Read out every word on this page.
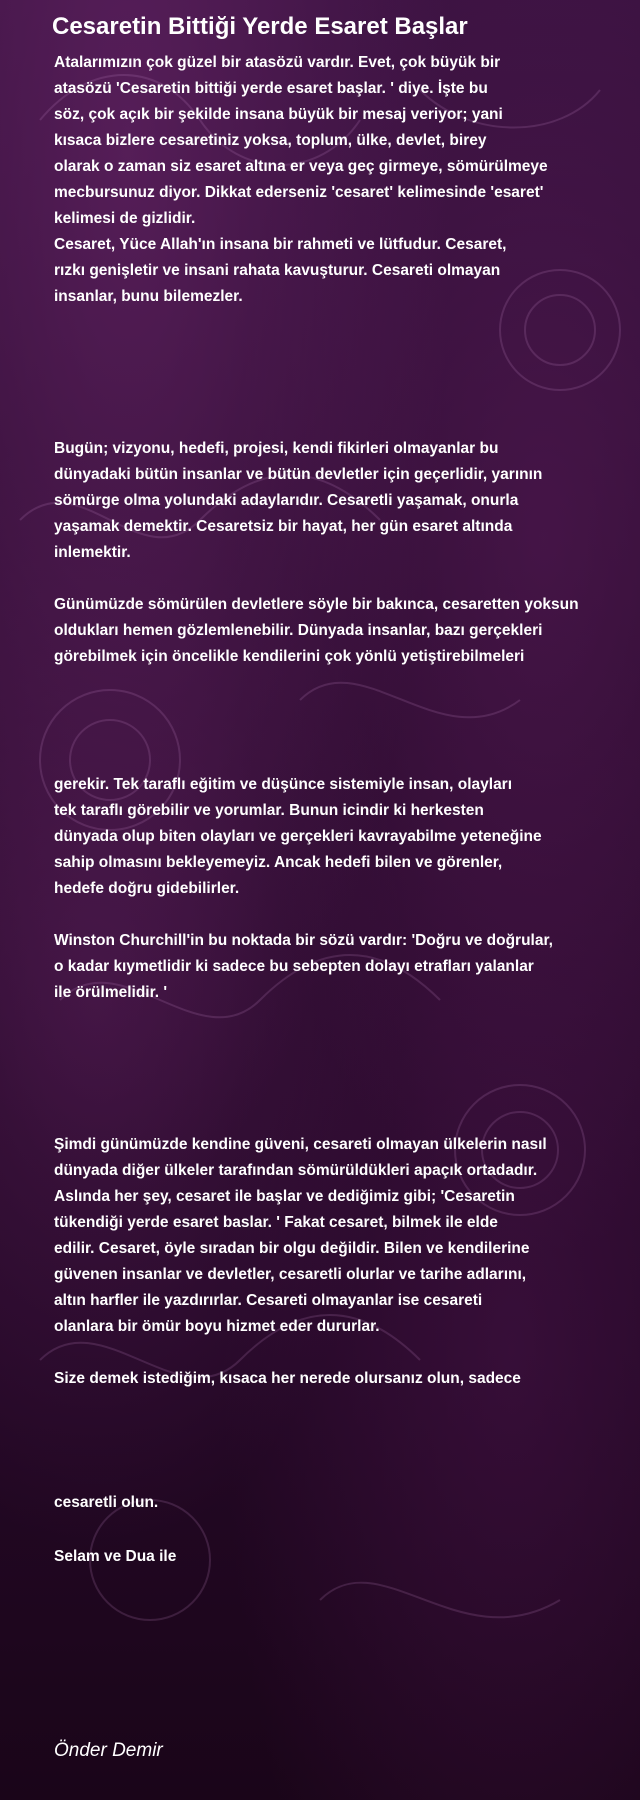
Cesaretin Bittiği Yerde Esaret Başlar

Atalarımızın çok güzel bir atasözü vardır. Evet, çok büyük bir
atasözü 'Cesaretin bittiği yerde esaret başlar. ' diye. İşte bu
söz, çok açık bir şekilde insana büyük bir mesaj veriyor; yani
kısaca bizlere cesaretiniz yoksa, toplum, ülke, devlet, birey
olarak o zaman siz esaret altına er veya geç girmeye, sömürülmeye
mecbursunuz diyor. Dikkat ederseniz 'cesaret' kelimesinde 'esaret'
kelimesi de gizlidir.
Cesaret, Yüce Allah'ın insana bir rahmeti ve lütfudur. Cesaret,
rızkı genişletir ve insani rahata kavuşturur. Cesareti olmayan
insanlar, bunu bilemezler.

Bugün; vizyonu, hedefi, projesi, kendi fikirleri olmayanlar bu
dünyadaki bütün insanlar ve bütün devletler için geçerlidir, yarının
sömürge olma yolundaki adaylarıdır. Cesaretli yaşamak, onurla
yaşamak demektir. Cesaretsiz bir hayat, her gün esaret altında
inlemektir.

Günümüzde sömürülen devletlere söyle bir bakınca, cesaretten yoksun
oldukları hemen gözlemlenebilir. Dünyada insanlar, bazı gerçekleri
görebilmek için öncelikle kendilerini çok yönlü yetiştirebilmeleri

gerekir. Tek taraflı eğitim ve düşünce sistemiyle insan, olayları
tek taraflı görebilir ve yorumlar. Bunun icindir ki herkesten
dünyada olup biten olayları ve gerçekleri kavrayabilme yeteneğine
sahip olmasını bekleyemeyiz. Ancak hedefi bilen ve görenler,
hedefe doğru gidebilirler.

Winston Churchill'in bu noktada bir sözü vardır: 'Doğru ve doğrular,
o kadar kıymetlidir ki sadece bu sebepten dolayı etrafları yalanlar
ile örülmelidir. '

Şimdi günümüzde kendine güveni, cesareti olmayan ülkelerin nasıl
dünyada diğer ülkeler tarafından sömürüldükleri apaçık ortadadır.
Aslında her şey, cesaret ile başlar ve dediğimiz gibi; 'Cesaretin
tükendiği yerde esaret baslar. ' Fakat cesaret, bilmek ile elde
edilir. Cesaret, öyle sıradan bir olgu değildir. Bilen ve kendilerine
güvenen insanlar ve devletler, cesaretli olurlar ve tarihe adlarını,
altın harfler ile yazdırırlar. Cesareti olmayanlar ise cesareti
olanlara bir ömür boyu hizmet eder dururlar.

Size demek istediğim, kısaca her nerede olursanız olun, sadece

cesaretli olun.

Selam ve Dua ile

Önder Demir
